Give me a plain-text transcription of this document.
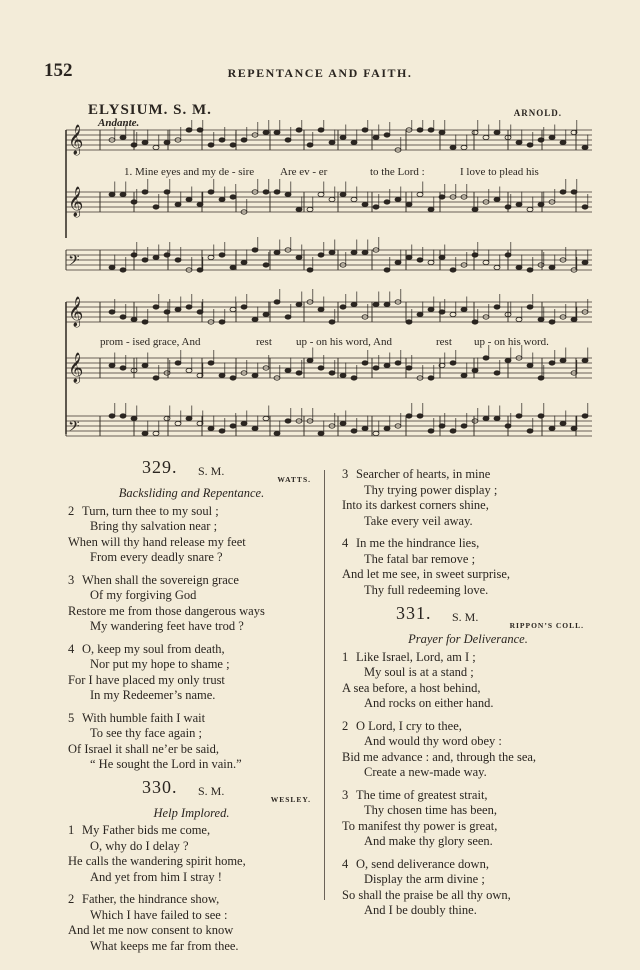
152	REPENTANCE AND FAITH.
ELYSIUM. S. M.	ARNOLD.
Andante.
𝄞
𝄞
𝄢
𝄞
𝄞
𝄢
1. Mine eyes and my de - sire Are ev - er	to the Lord :	I love to plead his
prom - ised grace, And	rest up - on his word, And	rest up - on his word.
329. S. M.
WATTS.
Backsliding and Repentance.
2 Turn, turn thee to my soul ;
Bring thy salvation near ;
When will thy hand release my feet
From every deadly snare ?
3 When shall the sovereign grace
Of my forgiving God
Restore me from those dangerous ways
My wandering feet have trod ?
4 O, keep my soul from death,
Nor put my hope to shame ;
For I have placed my only trust
In my Redeemer’s name.
5 With humble faith I wait
To see thy face again ;
Of Israel it shall ne’er be said,
“ He sought the Lord in vain.”
330. S. M.
WESLEY.
Help Implored.
1 My Father bids me come,
O, why do I delay ?
He calls the wandering spirit home,
And yet from him I stray !
2 Father, the hindrance show,
Which I have failed to see :
And let me now consent to know
What keeps me far from thee.
3 Searcher of hearts, in mine
Thy trying power display ;
Into its darkest corners shine,
Take every veil away.
4 In me the hindrance lies,
The fatal bar remove ;
And let me see, in sweet surprise,
Thy full redeeming love.
331. S. M.
RIPPON’S COLL.
Prayer for Deliverance.
1 Like Israel, Lord, am I ;
My soul is at a stand ;
A sea before, a host behind,
And rocks on either hand.
2 O Lord, I cry to thee,
And would thy word obey :
Bid me advance : and, through the sea,
Create a new-made way.
3 The time of greatest strait,
Thy chosen time has been,
To manifest thy power is great,
And make thy glory seen.
4 O, send deliverance down,
Display the arm divine ;
So shall the praise be all thy own,
And I be doubly thine.
